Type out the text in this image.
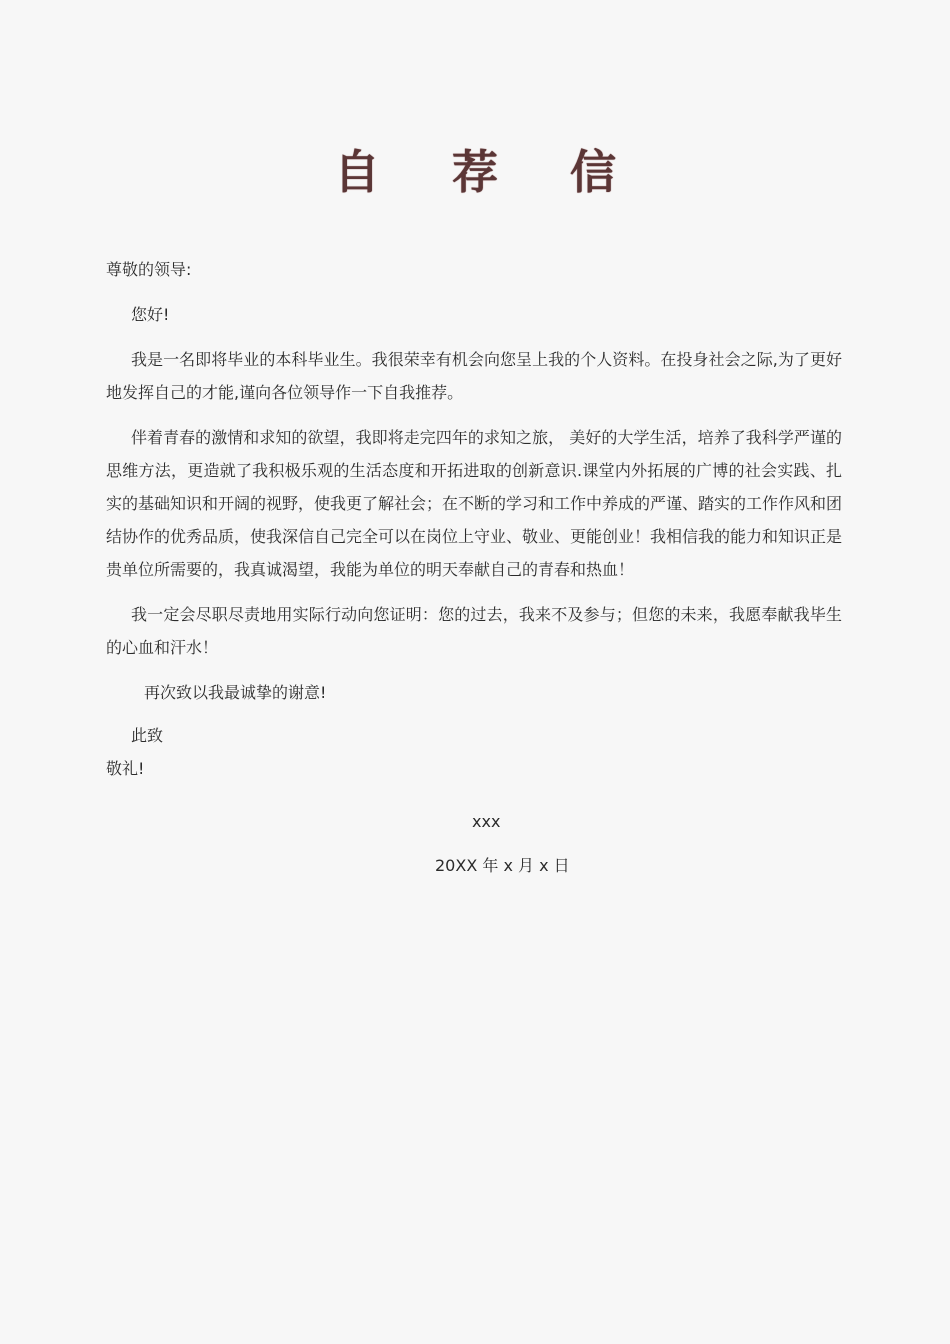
自 荐 信

尊敬的领导:

您好!

我是一名即将毕业的本科毕业生。我很荣幸有机会向您呈上我的个人资料。在投身社会之际,为了更好地发挥自己的才能,谨向各位领导作一下自我推荐。

伴着青春的激情和求知的欲望，我即将走完四年的求知之旅， 美好的大学生活，培养了我科学严谨的思维方法，更造就了我积极乐观的生活态度和开拓进取的创新意识.课堂内外拓展的广博的社会实践、扎实的基础知识和开阔的视野，使我更了解社会；在不断的学习和工作中养成的严谨、踏实的工作作风和团结协作的优秀品质，使我深信自己完全可以在岗位上守业、敬业、更能创业！我相信我的能力和知识正是贵单位所需要的，我真诚渴望，我能为单位的明天奉献自己的青春和热血！

我一定会尽职尽责地用实际行动向您证明：您的过去，我来不及参与；但您的未来，我愿奉献我毕生的心血和汗水！

再次致以我最诚挚的谢意!

此致

敬礼!

xxx
20XX 年 x 月 x 日
